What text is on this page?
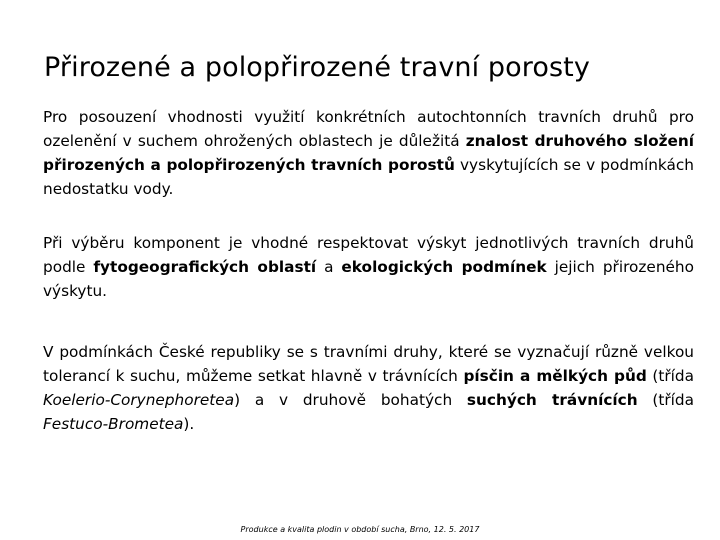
Přirozené a polopřirozené travní porosty

Pro posouzení vhodnosti využití konkrétních autochtonních travních druhů pro ozelenění v suchem ohrožených oblastech je důležitá znalost druhového složení přirozených a polopřirozených travních porostů vyskytujících se v podmínkách nedostatku vody.

Při výběru komponent je vhodné respektovat výskyt jednotlivých travních druhů podle fytogeografických oblastí a ekologických podmínek jejich přirozeného výskytu.

V podmínkách České republiky se s travními druhy, které se vyznačují různě velkou tolerancí k suchu, můžeme setkat hlavně v trávnících písčin a mělkých půd (třída Koelerio-Corynephoretea) a v druhově bohatých suchých trávnících (třída Festuco-Brometea).

Produkce a kvalita plodin v období sucha, Brno, 12. 5. 2017
